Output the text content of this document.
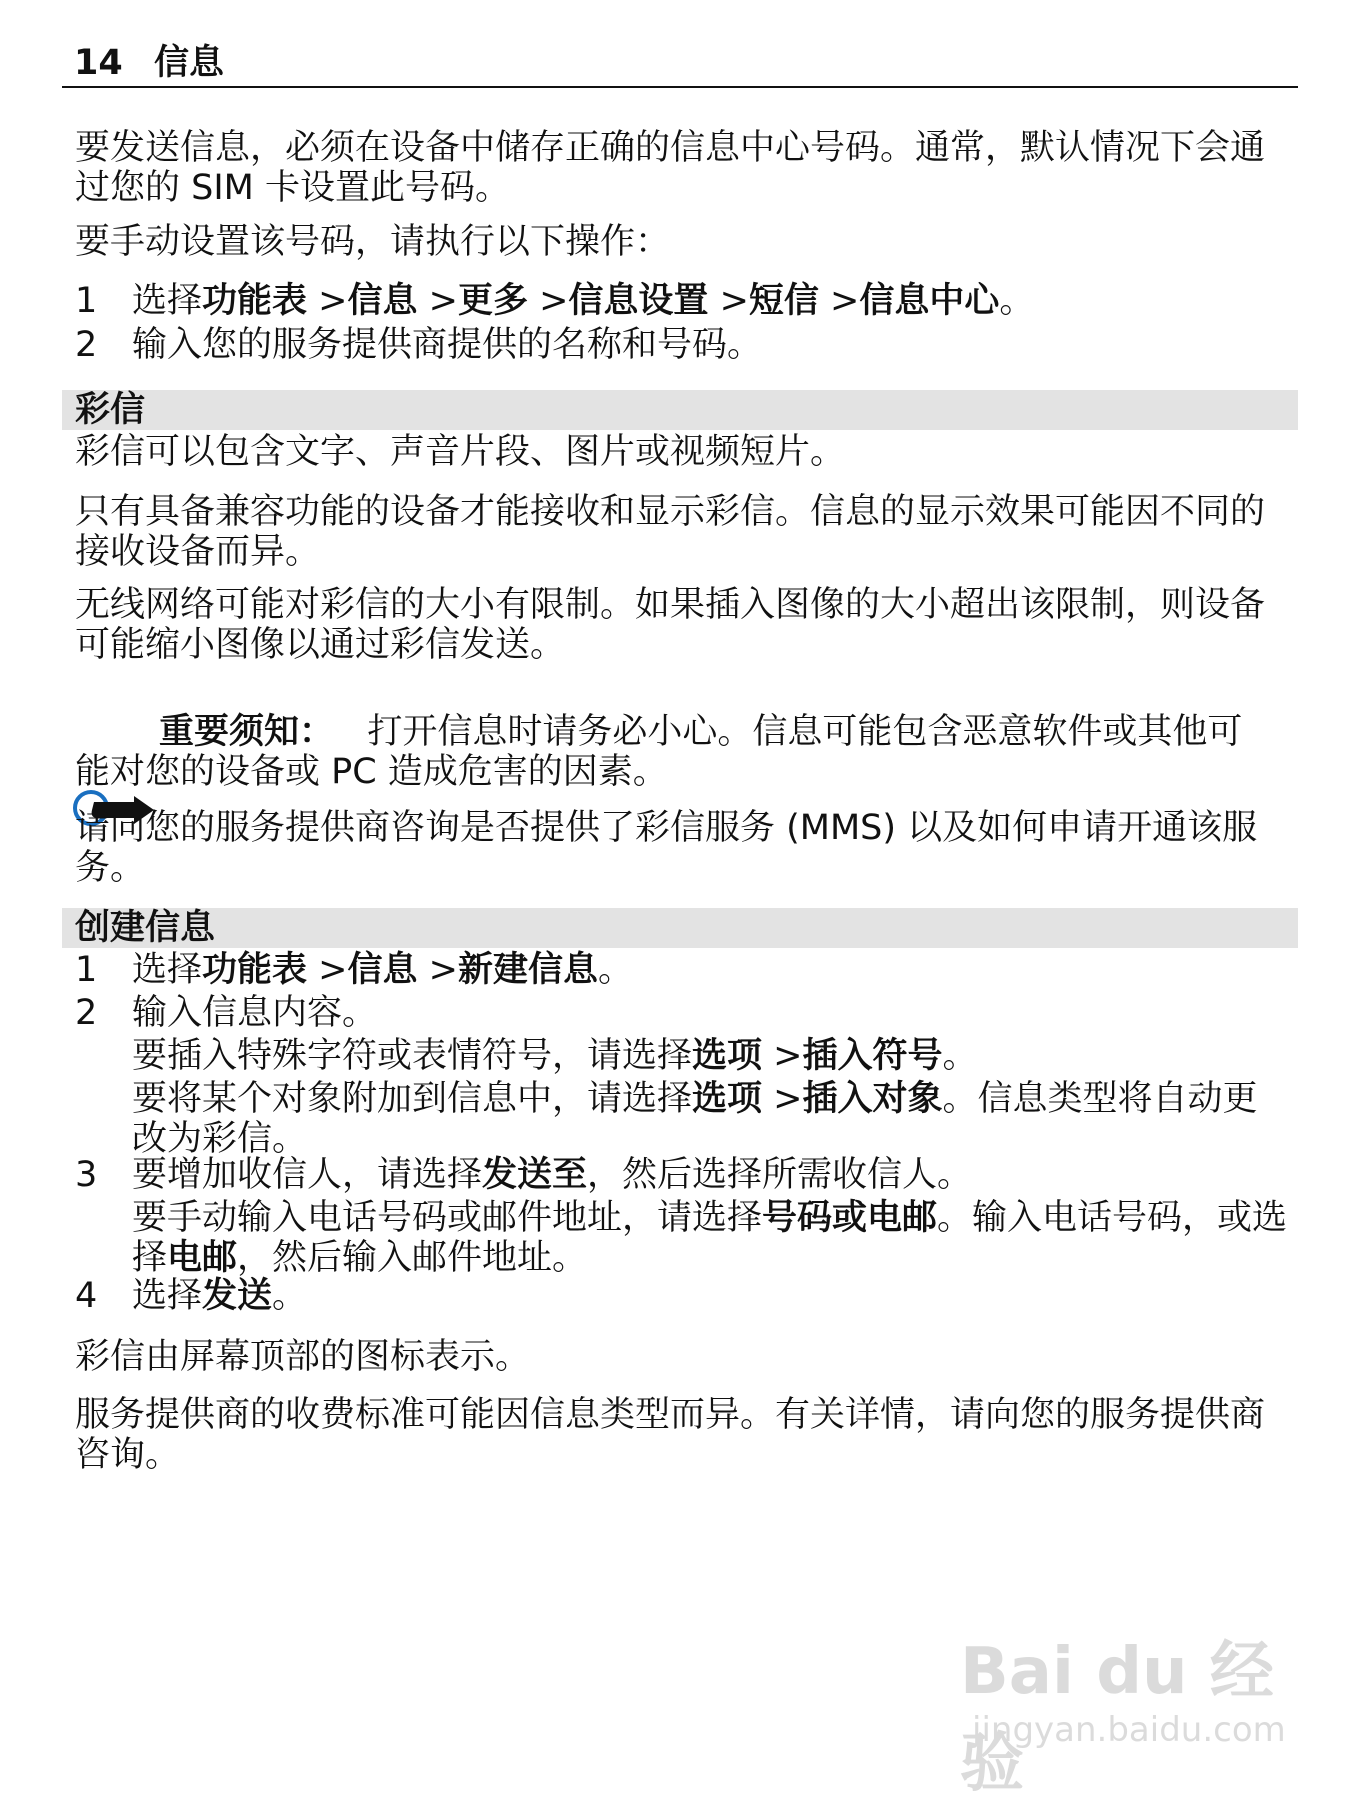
14 信息

要发送信息，必须在设备中储存正确的信息中心号码。通常，默认情况下会通过您的 SIM 卡设置此号码。

要手动设置该号码，请执行以下操作：

1 选择功能表 >信息 >更多 >信息设置 >短信 >信息中心。
2 输入您的服务提供商提供的名称和号码。
彩信

彩信可以包含文字、声音片段、图片或视频短片。

只有具备兼容功能的设备才能接收和显示彩信。信息的显示效果可能因不同的接收设备而异。

无线网络可能对彩信的大小有限制。如果插入图像的大小超出该限制，则设备可能缩小图像以通过彩信发送。

重要须知： 打开信息时请务必小心。信息可能包含恶意软件或其他可能对您的设备或 PC 造成危害的因素。

请向您的服务提供商咨询是否提供了彩信服务 (MMS) 以及如何申请开通该服务。

创建信息
1 选择功能表 >信息 >新建信息。
2 输入信息内容。
要插入特殊字符或表情符号，请选择选项 >插入符号。
要将某个对象附加到信息中，请选择选项 >插入对象。信息类型将自动更改为彩信。
3 要增加收信人，请选择发送至，然后选择所需收信人。
要手动输入电话号码或邮件地址，请选择号码或电邮。输入电话号码，或选择电邮，然后输入邮件地址。
4 选择发送。

彩信由屏幕顶部的图标表示。

服务提供商的收费标准可能因信息类型而异。有关详情，请向您的服务提供商咨询。

Bai du 经验
jingyan.baidu.com
